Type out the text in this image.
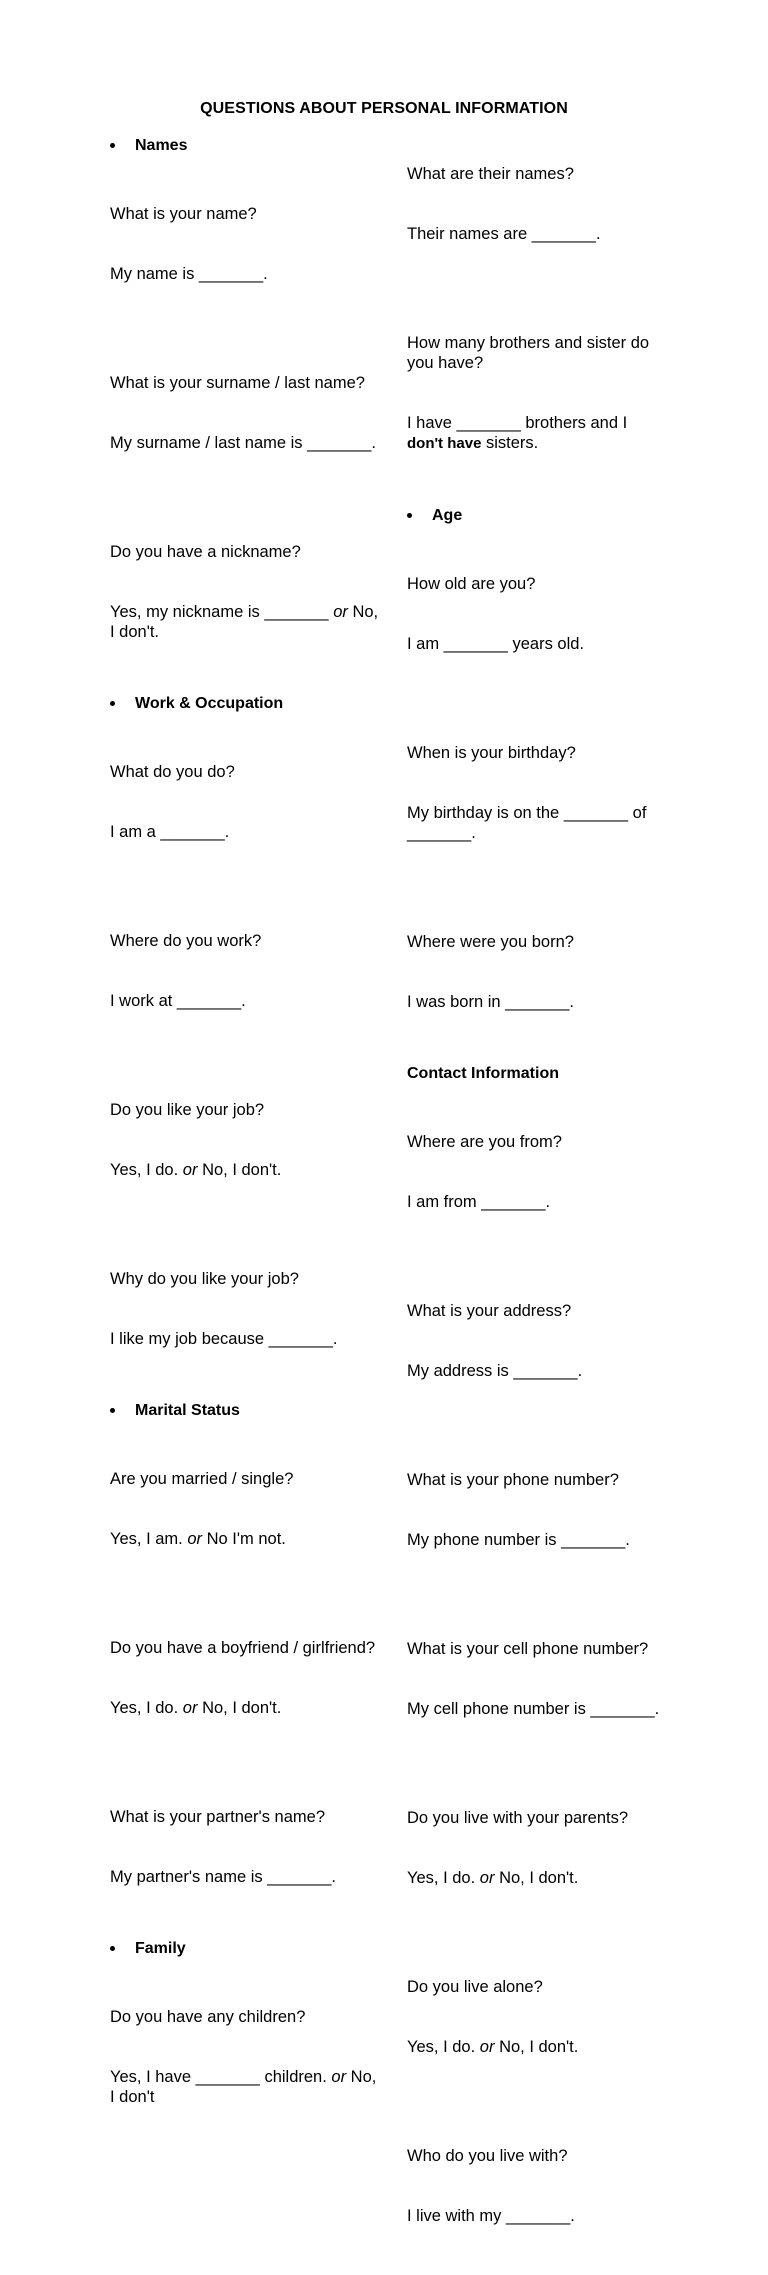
QUESTIONS ABOUT PERSONAL INFORMATION
Names

What is your name?

My name is _______.

What is your surname / last name?

My surname / last name is _______.

Do you have a nickname?

Yes, my nickname is _______ or No, I don't.

Work & Occupation

What do you do?

I am a _______.

Where do you work?

I work at _______.

Do you like your job?

Yes, I do. or No, I don't.

Why do you like your job?

I like my job because _______.

Marital Status

Are you married / single?

Yes, I am. or No I'm not.

Do you have a boyfriend / girlfriend?

Yes, I do. or No, I don't.

What is your partner's name?

My partner's name is _______.

Family

Do you have any children?

Yes, I have _______ children. or No, I don't

What are their names?

Their names are _______.

How many brothers and sister do you have?

I have _______ brothers and I don't have sisters.

Age

How old are you?

I am _______ years old.

When is your birthday?

My birthday is on the _______ of _______.

Where were you born?

I was born in _______.

Contact Information

Where are you from?

I am from _______.

What is your address?

My address is _______.

What is your phone number?

My phone number is _______.

What is your cell phone number?

My cell phone number is _______.

Do you live with your parents?

Yes, I do. or No, I don't.

Do you live alone?

Yes, I do. or No, I don't.

Who do you live with?

I live with my _______.
